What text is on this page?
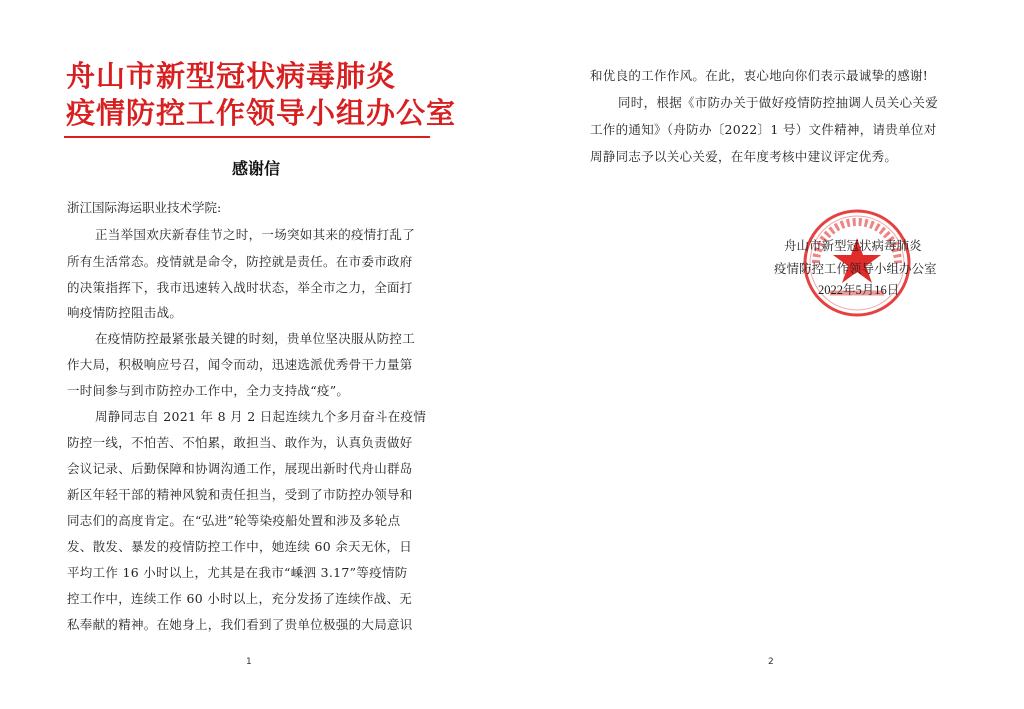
舟山市新型冠状病毒肺炎
疫情防控工作领导小组办公室
感谢信
浙江国际海运职业技术学院:
正当举国欢庆新春佳节之时，一场突如其来的疫情打乱了
所有生活常态。疫情就是命令，防控就是责任。在市委市政府
的决策指挥下，我市迅速转入战时状态，举全市之力，全面打
响疫情防控阻击战。
在疫情防控最紧张最关键的时刻，贵单位坚决服从防控工
作大局，积极响应号召，闻令而动，迅速选派优秀骨干力量第
一时间参与到市防控办工作中，全力支持战“疫”。
周静同志自 2021 年 8 月 2 日起连续九个多月奋斗在疫情
防控一线，不怕苦、不怕累，敢担当、敢作为，认真负责做好
会议记录、后勤保障和协调沟通工作，展现出新时代舟山群岛
新区年轻干部的精神风貌和责任担当，受到了市防控办领导和
同志们的高度肯定。在“弘进”轮等染疫船处置和涉及多轮点
发、散发、暴发的疫情防控工作中，她连续 60 余天无休，日
平均工作 16 小时以上，尤其是在我市“嵊泗 3.17”等疫情防
控工作中，连续工作 60 小时以上，充分发扬了连续作战、无
私奉献的精神。在她身上，我们看到了贵单位极强的大局意识
1
和优良的工作作风。在此，衷心地向你们表示最诚挚的感谢!
同时，根据《市防办关于做好疫情防控抽调人员关心关爱
工作的通知》（舟防办〔2022〕1 号）文件精神，请贵单位对
周静同志予以关心关爱，在年度考核中建议评定优秀。
舟山市新型冠状病毒肺炎
疫情防控工作领导小组办公室
2022年5月16日
2
